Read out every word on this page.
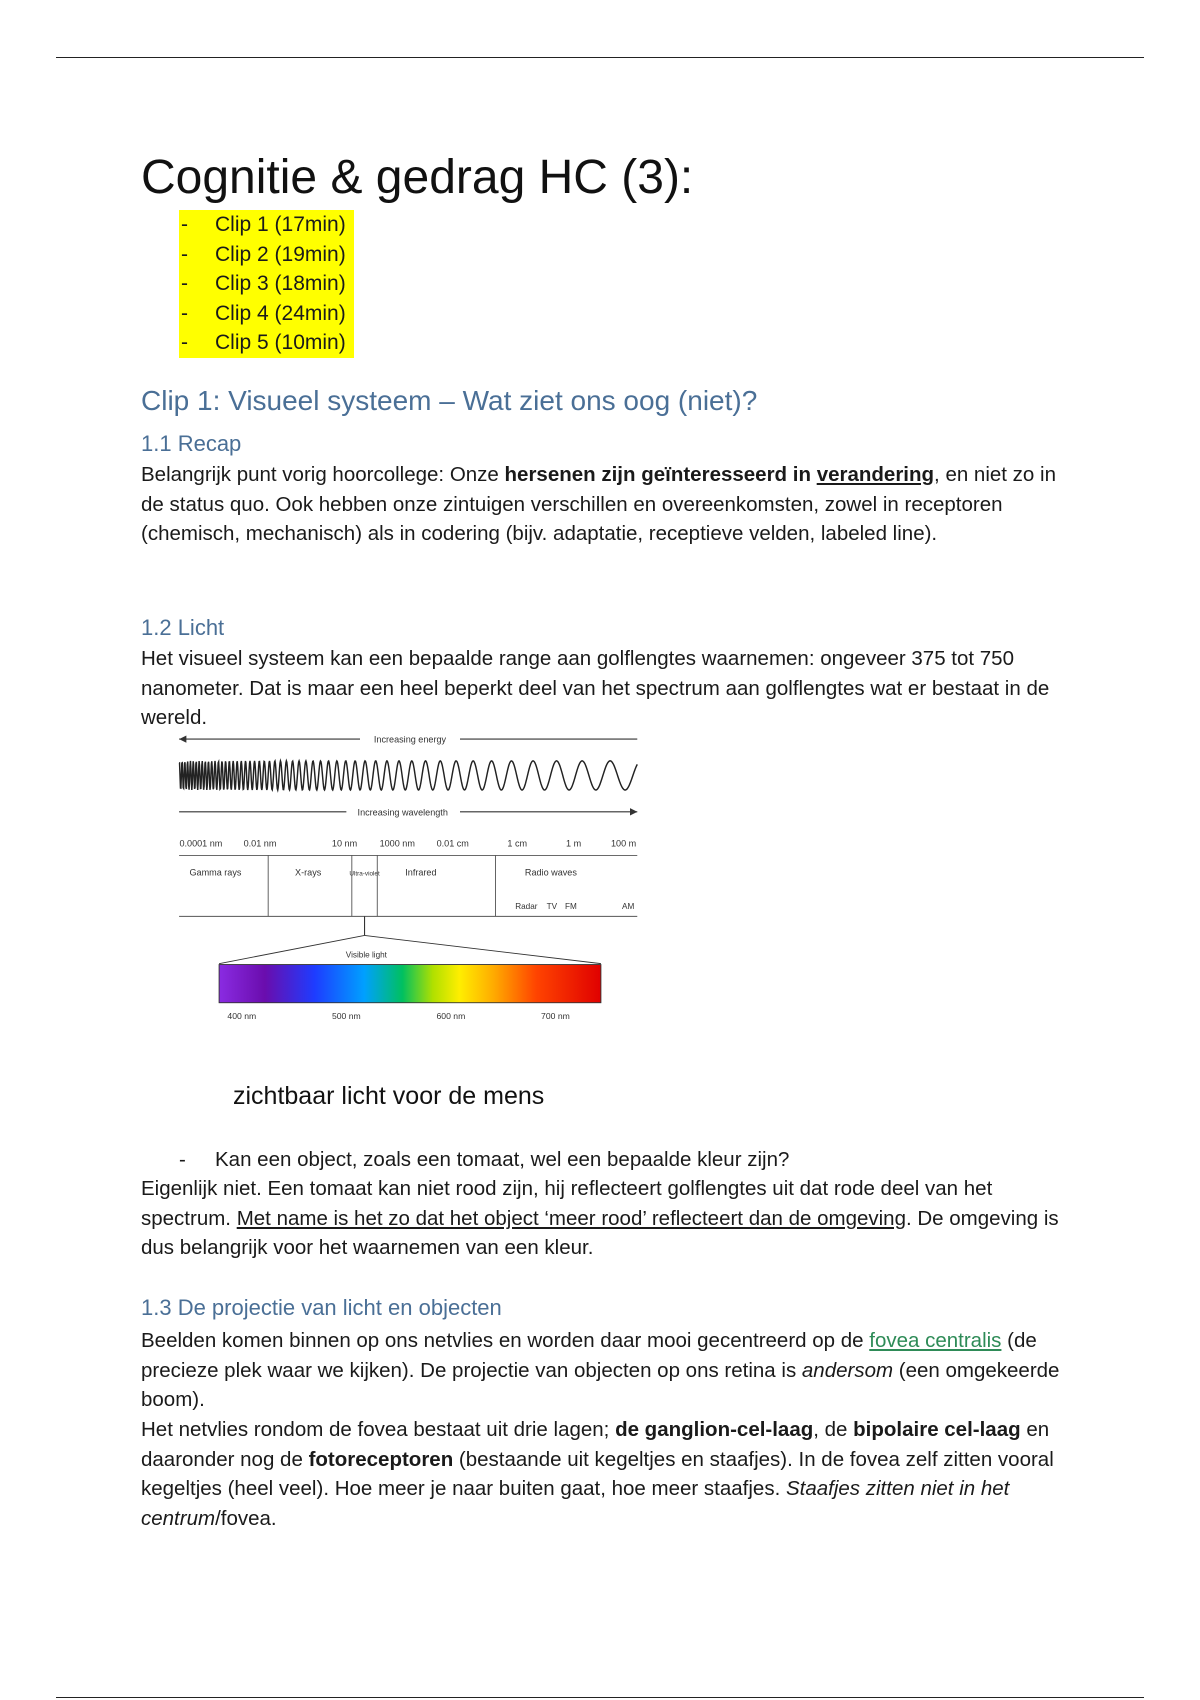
Cognitie & gedrag HC (3):
- Clip 1 (17min)
- Clip 2 (19min)
- Clip 3 (18min)
- Clip 4 (24min)
- Clip 5 (10min)
Clip 1: Visueel systeem – Wat ziet ons oog (niet)?
1.1 Recap

Belangrijk punt vorig hoorcollege: Onze hersenen zijn geïnteresseerd in verandering, en niet zo in de status quo. Ook hebben onze zintuigen verschillen en overeenkomsten, zowel in receptoren (chemisch, mechanisch) als in codering (bijv. adaptatie, receptieve velden, labeled line).

1.2 Licht

Het visueel systeem kan een bepaalde range aan golflengtes waarnemen: ongeveer 375 tot 750 nanometer. Dat is maar een heel beperkt deel van het spectrum aan golflengtes wat er bestaat in de wereld.

Increasing energy
Increasing wavelength
0.0001 nm 0.01 nm	10 nm 1000 nm 0.01 cm	1 cm	1 m	100 m
Gamma rays	X-rays	Ultra-violet	Infrared	Radio waves
Radar TV FM	AM
Visible light
400 nm	500 nm	600 nm	700 nm

zichtbaar licht voor de mens

- Kan een object, zoals een tomaat, wel een bepaalde kleur zijn?

Eigenlijk niet. Een tomaat kan niet rood zijn, hij reflecteert golflengtes uit dat rode deel van het spectrum. Met name is het zo dat het object ‘meer rood’ reflecteert dan de omgeving. De omgeving is dus belangrijk voor het waarnemen van een kleur.

1.3 De projectie van licht en objecten

Beelden komen binnen op ons netvlies en worden daar mooi gecentreerd op de fovea centralis (de precieze plek waar we kijken). De projectie van objecten op ons retina is andersom (een omgekeerde boom).

Het netvlies rondom de fovea bestaat uit drie lagen; de ganglion-cel-laag, de bipolaire cel-laag en daaronder nog de fotoreceptoren (bestaande uit kegeltjes en staafjes). In de fovea zelf zitten vooral kegeltjes (heel veel). Hoe meer je naar buiten gaat, hoe meer staafjes. Staafjes zitten niet in het centrum/fovea.
